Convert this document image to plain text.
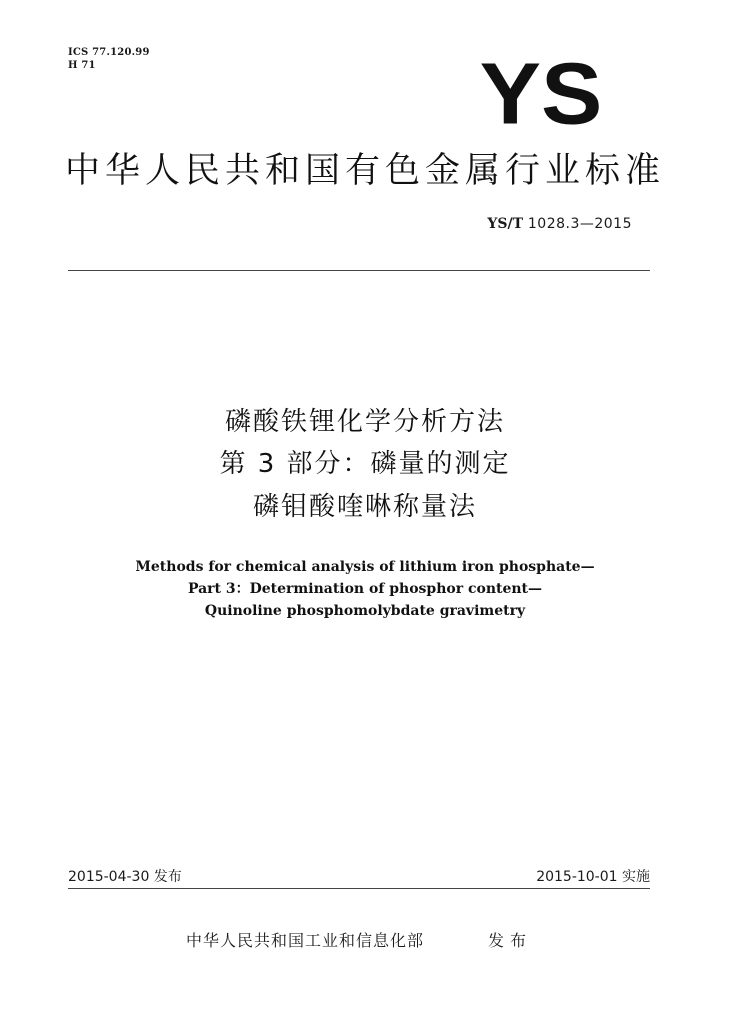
ICS 77.120.99
H 71	YS
中华人民共和国有色金属行业标准
YS/T 1028.3—2015
磷酸铁锂化学分析方法
第 3 部分：磷量的测定
磷钼酸喹啉称量法
Methods for chemical analysis of lithium iron phosphate—
Part 3：Determination of phosphor content—
Quinoline phosphomolybdate gravimetry
2015-04-30 发布	2015-10-01 实施
中华人民共和国工业和信息化部	发布
